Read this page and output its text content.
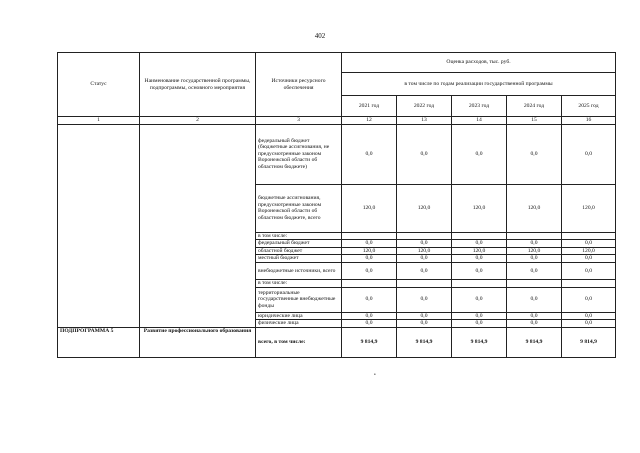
402
Статус	Наименование государственной программы, подпрограммы, основного мероприятия	Источники ресурсного обеспечения	Оценка расходов, тыс. руб.				
			в том числе по годам реализации государственной программы				
			2021 год	2022 год	2023 год	2024 год	2025 год
1	2	3	12	13	14	15	16
		федеральный бюджет (бюджетные ассигнования, не предусмотренные законом Воронежской области об областном бюджете)	0,0	0,0	0,0	0,0	0,0
		бюджетные ассигнования, предусмотренные законом Воронежской области об областном бюджете, всего	120,0	120,0	120,0	120,0	120,0
		в том числе:					
		федеральный бюджет	0,0	0,0	0,0	0,0	0,0
		областной бюджет	120,0	120,0	120,0	120,0	120,0
		местный бюджет	0,0	0,0	0,0	0,0	0,0
		внебюджетные источники, всего	0,0	0,0	0,0	0,0	0,0
		в том числе:					
		территориальные государственные внебюджетные фонды	0,0	0,0	0,0	0,0	0,0
		юридические лица	0,0	0,0	0,0	0,0	0,0
		физические лица	0,0	0,0	0,0	0,0	0,0
ПОДПРОГРАММА 5	Развитие профессионального образования	всего, в том числе:	9 814,9	9 814,9	9 814,9	9 814,9	9 814,9
•
